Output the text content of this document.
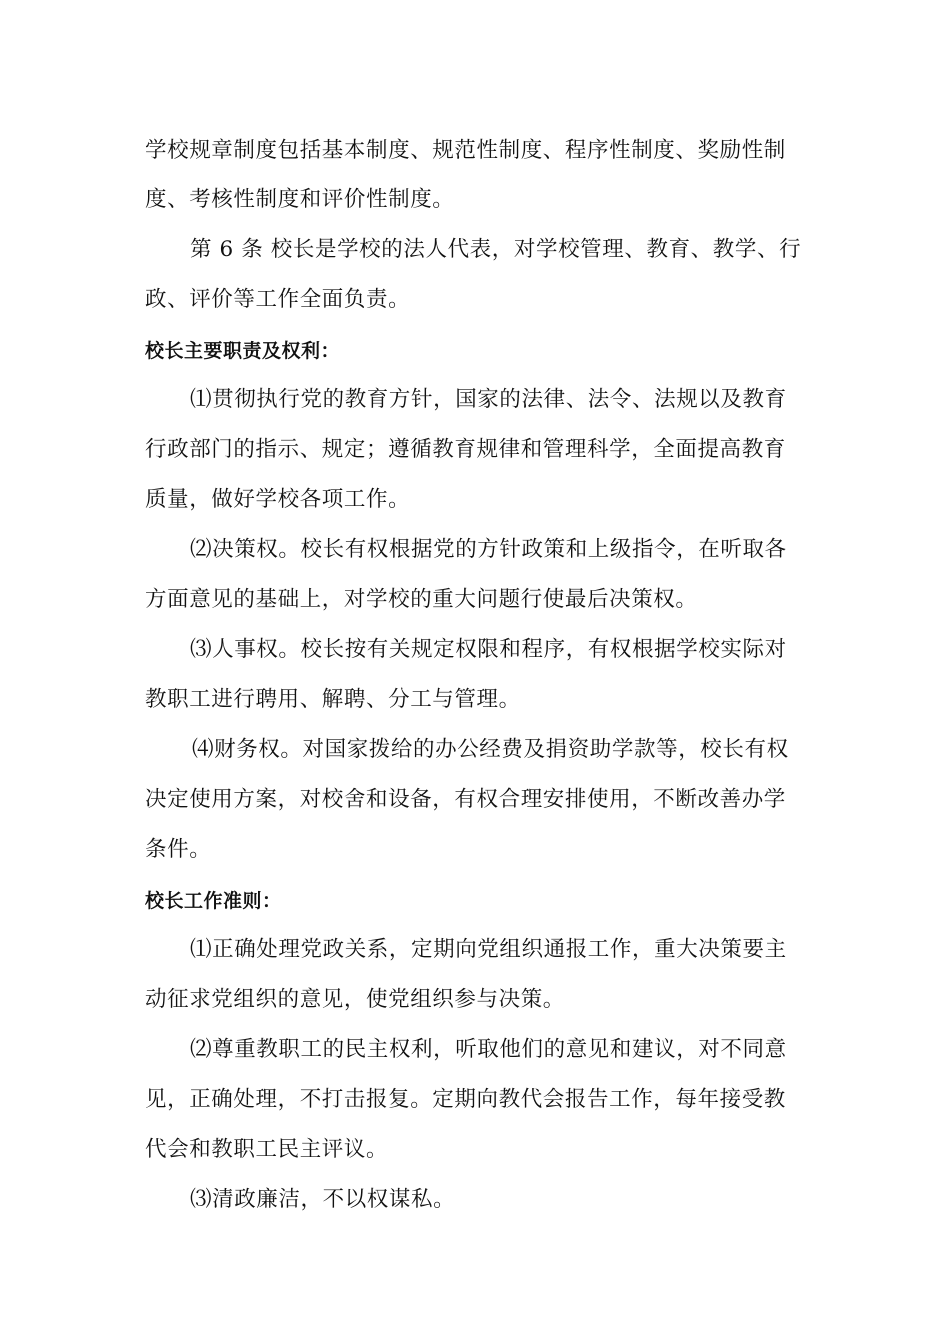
学校规章制度包括基本制度、规范性制度、程序性制度、奖励性制
度、考核性制度和评价性制度。
第 6 条 校长是学校的法人代表，对学校管理、教育、教学、行
政、评价等工作全面负责。
校长主要职责及权利：
⑴贯彻执行党的教育方针，国家的法律、法令、法规以及教育
行政部门的指示、规定；遵循教育规律和管理科学，全面提高教育
质量，做好学校各项工作。
⑵决策权。校长有权根据党的方针政策和上级指令，在听取各
方面意见的基础上，对学校的重大问题行使最后决策权。
⑶人事权。校长按有关规定权限和程序，有权根据学校实际对
教职工进行聘用、解聘、分工与管理。
⑷财务权。对国家拨给的办公经费及捐资助学款等，校长有权
决定使用方案，对校舍和设备，有权合理安排使用，不断改善办学
条件。
校长工作准则：
⑴正确处理党政关系，定期向党组织通报工作，重大决策要主
动征求党组织的意见，使党组织参与决策。
⑵尊重教职工的民主权利，听取他们的意见和建议，对不同意
见，正确处理，不打击报复。定期向教代会报告工作，每年接受教
代会和教职工民主评议。
⑶清政廉洁，不以权谋私。
